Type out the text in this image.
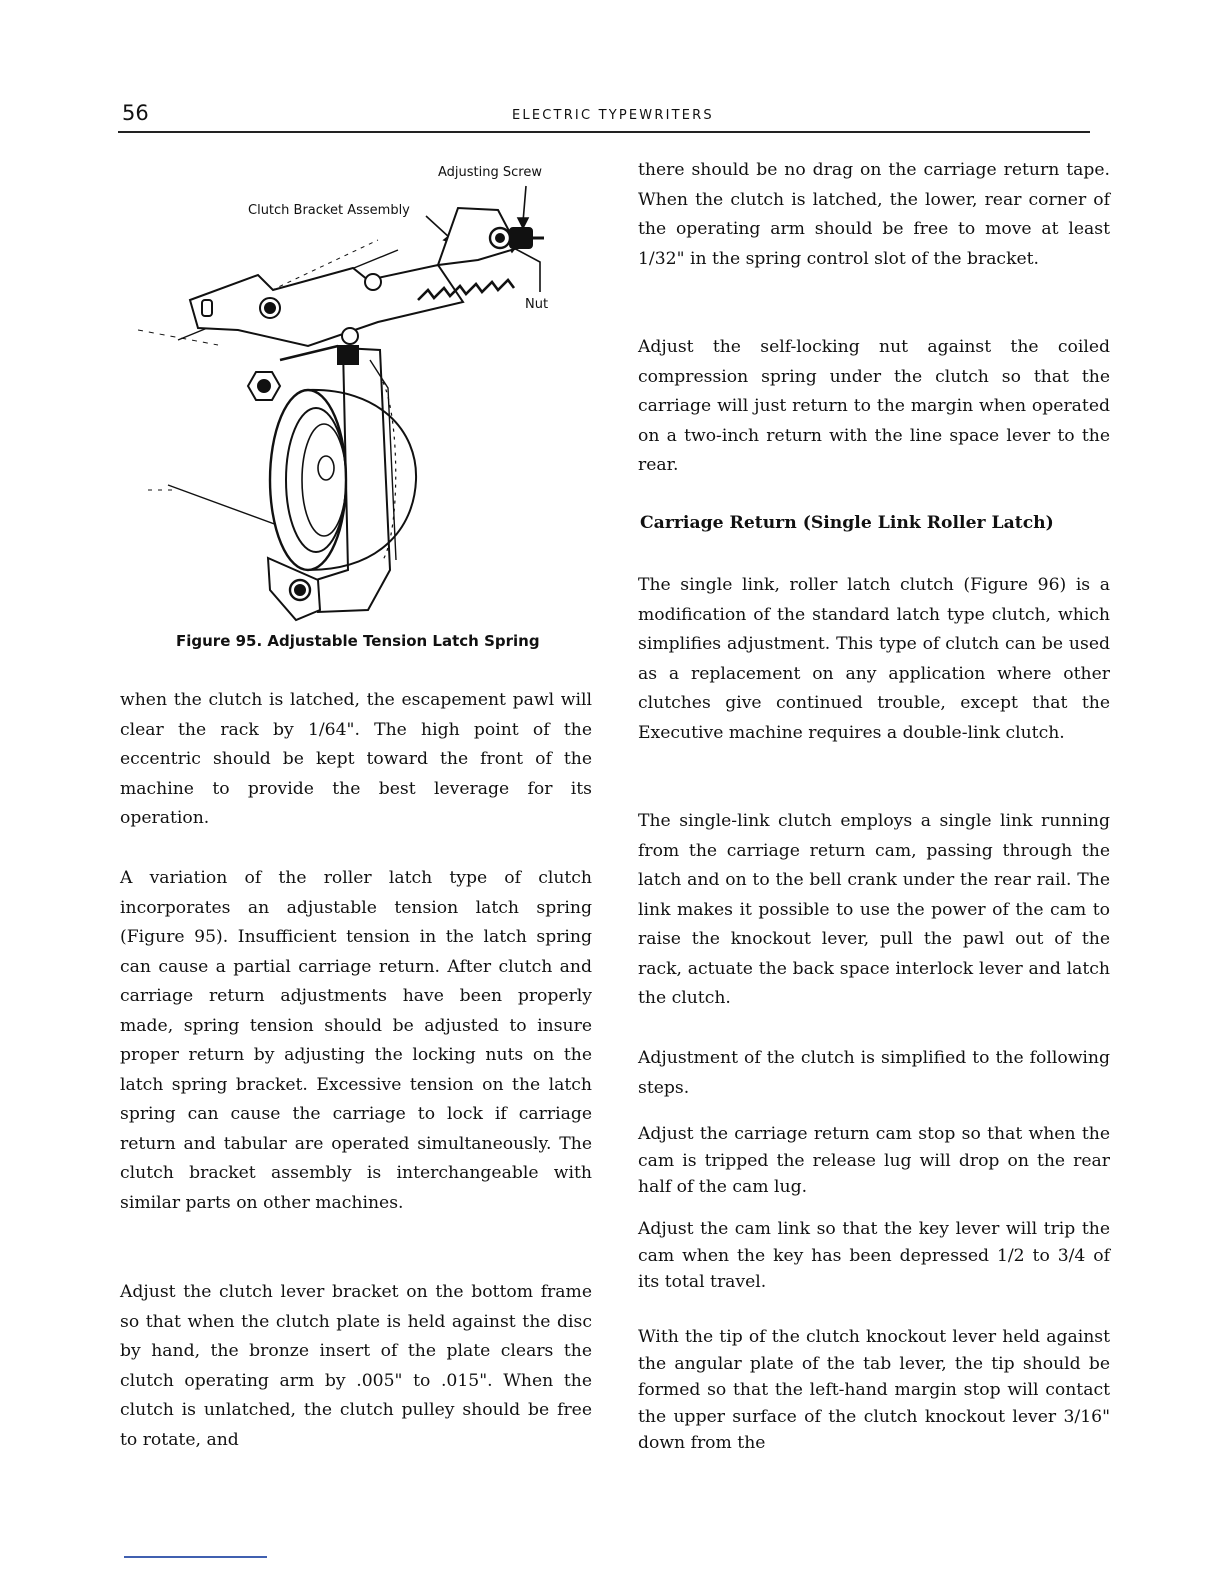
56	ELECTRIC TYPEWRITERS
Adjusting Screw
Clutch Bracket Assembly
Nut
Figure 95. Adjustable Tension Latch Spring

when the clutch is latched, the escapement pawl will clear the rack by 1/64". The high point of the eccentric should be kept toward the front of the machine to provide the best leverage for its operation.

A variation of the roller latch type of clutch incorporates an adjustable tension latch spring (Figure 95). Insufficient tension in the latch spring can cause a partial carriage return. After clutch and carriage return adjustments have been properly made, spring tension should be adjusted to insure proper return by adjusting the locking nuts on the latch spring bracket. Excessive tension on the latch spring can cause the carriage to lock if carriage return and tabular are operated simultaneously. The clutch bracket assembly is interchangeable with similar parts on other machines.

Adjust the clutch lever bracket on the bottom frame so that when the clutch plate is held against the disc by hand, the bronze insert of the plate clears the clutch operating arm by .005" to .015". When the clutch is unlatched, the clutch pulley should be free to rotate, and

there should be no drag on the carriage return tape. When the clutch is latched, the lower, rear corner of the operating arm should be free to move at least 1/32" in the spring control slot of the bracket.

Adjust the self-locking nut against the coiled compression spring under the clutch so that the carriage will just return to the margin when operated on a two-inch return with the line space lever to the rear.

Carriage Return (Single Link Roller Latch)

The single link, roller latch clutch (Figure 96) is a modification of the standard latch type clutch, which simplifies adjustment. This type of clutch can be used as a replacement on any application where other clutches give continued trouble, except that the Executive machine requires a double-link clutch.

The single-link clutch employs a single link running from the carriage return cam, passing through the latch and on to the bell crank under the rear rail. The link makes it possible to use the power of the cam to raise the knockout lever, pull the pawl out of the rack, actuate the back space interlock lever and latch the clutch.

Adjustment of the clutch is simplified to the following steps.

Adjust the carriage return cam stop so that when the cam is tripped the release lug will drop on the rear half of the cam lug.

Adjust the cam link so that the key lever will trip the cam when the key has been depressed 1/2 to 3/4 of its total travel.

With the tip of the clutch knockout lever held against the angular plate of the tab lever, the tip should be formed so that the left-hand margin stop will contact the upper surface of the clutch knockout lever 3/16" down from the
